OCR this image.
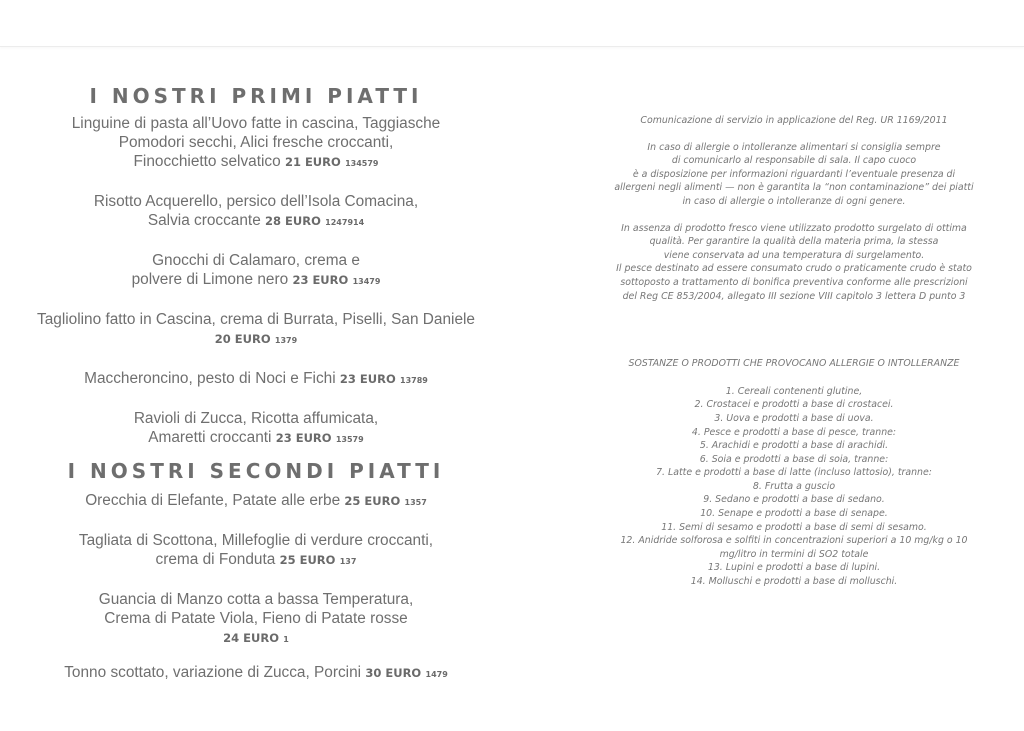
I NOSTRI PRIMI PIATTI

Linguine di pasta all’Uovo fatte in cascina, Taggiasche
Pomodori secchi, Alici fresche croccanti,
Finocchietto selvatico 21 EURO 134579

Risotto Acquerello, persico dell’Isola Comacina,
Salvia croccante 28 EURO 1247914

Gnocchi di Calamaro, crema e
polvere di Limone nero 23 EURO 13479

Tagliolino fatto in Cascina, crema di Burrata, Piselli, San Daniele
20 EURO 1379

Maccheroncino, pesto di Noci e Fichi 23 EURO 13789

Ravioli di Zucca, Ricotta affumicata,
Amaretti croccanti 23 EURO 13579

I NOSTRI SECONDI PIATTI

Orecchia di Elefante, Patate alle erbe 25 EURO 1357

Tagliata di Scottona, Millefoglie di verdure croccanti,
crema di Fonduta 25 EURO 137

Guancia di Manzo cotta a bassa Temperatura,
Crema di Patate Viola, Fieno di Patate rosse
24 EURO 1

Tonno scottato, variazione di Zucca, Porcini 30 EURO 1479

Comunicazione di servizio in applicazione del Reg. UR 1169/2011
In caso di allergie o intolleranze alimentari si consiglia sempre
di comunicarlo al responsabile di sala. Il capo cuoco
è a disposizione per informazioni riguardanti l’eventuale presenza di
allergeni negli alimenti — non è garantita la “non contaminazione” dei piatti
in caso di allergie o intolleranze di ogni genere.
In assenza di prodotto fresco viene utilizzato prodotto surgelato di ottima
qualità. Per garantire la qualità della materia prima, la stessa
viene conservata ad una temperatura di surgelamento.
Il pesce destinato ad essere consumato crudo o praticamente crudo è stato
sottoposto a trattamento di bonifica preventiva conforme alle prescrizioni
del Reg CE 853/2004, allegato III sezione VIII capitolo 3 lettera D punto 3
SOSTANZE O PRODOTTI CHE PROVOCANO ALLERGIE O INTOLLERANZE
1. Cereali contenenti glutine,
2. Crostacei e prodotti a base di crostacei.
3. Uova e prodotti a base di uova.
4. Pesce e prodotti a base di pesce, tranne:
5. Arachidi e prodotti a base di arachidi.
6. Soia e prodotti a base di soia, tranne:
7. Latte e prodotti a base di latte (incluso lattosio), tranne:
8. Frutta a guscio
9. Sedano e prodotti a base di sedano.
10. Senape e prodotti a base di senape.
11. Semi di sesamo e prodotti a base di semi di sesamo.
12. Anidride solforosa e solfiti in concentrazioni superiori a 10 mg/kg o 10
mg/litro in termini di SO2 totale
13. Lupini e prodotti a base di lupini.
14. Molluschi e prodotti a base di molluschi.
